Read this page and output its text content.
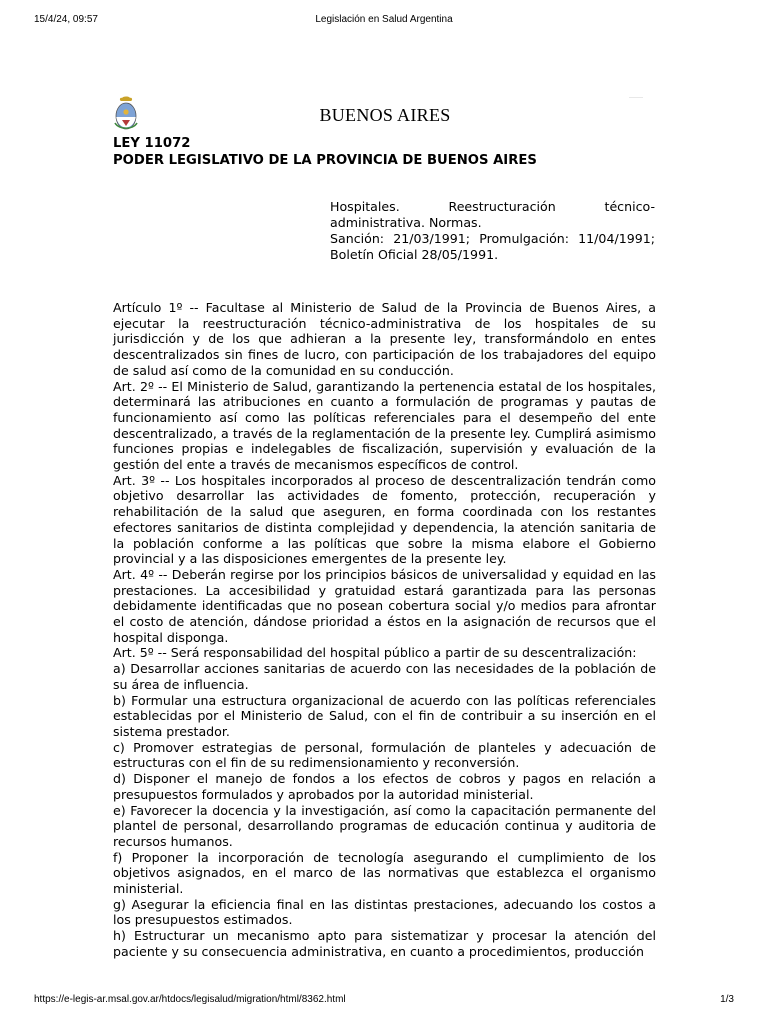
15/4/24, 09:57	Legislación en Salud Argentina
BUENOS AIRES
LEY 11072
PODER LEGISLATIVO DE LA PROVINCIA DE BUENOS AIRES

Hospitales. Reestructuración técnico-administrativa. Normas.

Sanción: 21/03/1991; Promulgación: 11/04/1991; Boletín Oficial 28/05/1991.

Artículo 1º -- Facultase al Ministerio de Salud de la Provincia de Buenos Aires, a ejecutar la reestructuración técnico-administrativa de los hospitales de su jurisdicción y de los que adhieran a la presente ley, transformándolo en entes descentralizados sin fines de lucro, con participación de los trabajadores del equipo de salud así como de la comunidad en su conducción.

Art. 2º -- El Ministerio de Salud, garantizando la pertenencia estatal de los hospitales, determinará las atribuciones en cuanto a formulación de programas y pautas de funcionamiento así como las políticas referenciales para el desempeño del ente descentralizado, a través de la reglamentación de la presente ley. Cumplirá asimismo funciones propias e indelegables de fiscalización, supervisión y evaluación de la gestión del ente a través de mecanismos específicos de control.

Art. 3º -- Los hospitales incorporados al proceso de descentralización tendrán como objetivo desarrollar las actividades de fomento, protección, recuperación y rehabilitación de la salud que aseguren, en forma coordinada con los restantes efectores sanitarios de distinta complejidad y dependencia, la atención sanitaria de la población conforme a las políticas que sobre la misma elabore el Gobierno provincial y a las disposiciones emergentes de la presente ley.

Art. 4º -- Deberán regirse por los principios básicos de universalidad y equidad en las prestaciones. La accesibilidad y gratuidad estará garantizada para las personas debidamente identificadas que no posean cobertura social y/o medios para afrontar el costo de atención, dándose prioridad a éstos en la asignación de recursos que el hospital disponga.

Art. 5º -- Será responsabilidad del hospital público a partir de su descentralización:

a) Desarrollar acciones sanitarias de acuerdo con las necesidades de la población de su área de influencia.

b) Formular una estructura organizacional de acuerdo con las políticas referenciales establecidas por el Ministerio de Salud, con el fin de contribuir a su inserción en el sistema prestador.

c) Promover estrategias de personal, formulación de planteles y adecuación de estructuras con el fin de su redimensionamiento y reconversión.

d) Disponer el manejo de fondos a los efectos de cobros y pagos en relación a presupuestos formulados y aprobados por la autoridad ministerial.

e) Favorecer la docencia y la investigación, así como la capacitación permanente del plantel de personal, desarrollando programas de educación continua y auditoria de recursos humanos.

f) Proponer la incorporación de tecnología asegurando el cumplimiento de los objetivos asignados, en el marco de las normativas que establezca el organismo ministerial.

g) Asegurar la eficiencia final en las distintas prestaciones, adecuando los costos a los presupuestos estimados.

h) Estructurar un mecanismo apto para sistematizar y procesar la atención del paciente y su consecuencia administrativa, en cuanto a procedimientos, producción

https://e-legis-ar.msal.gov.ar/htdocs/legisalud/migration/html/8362.html	1/3
